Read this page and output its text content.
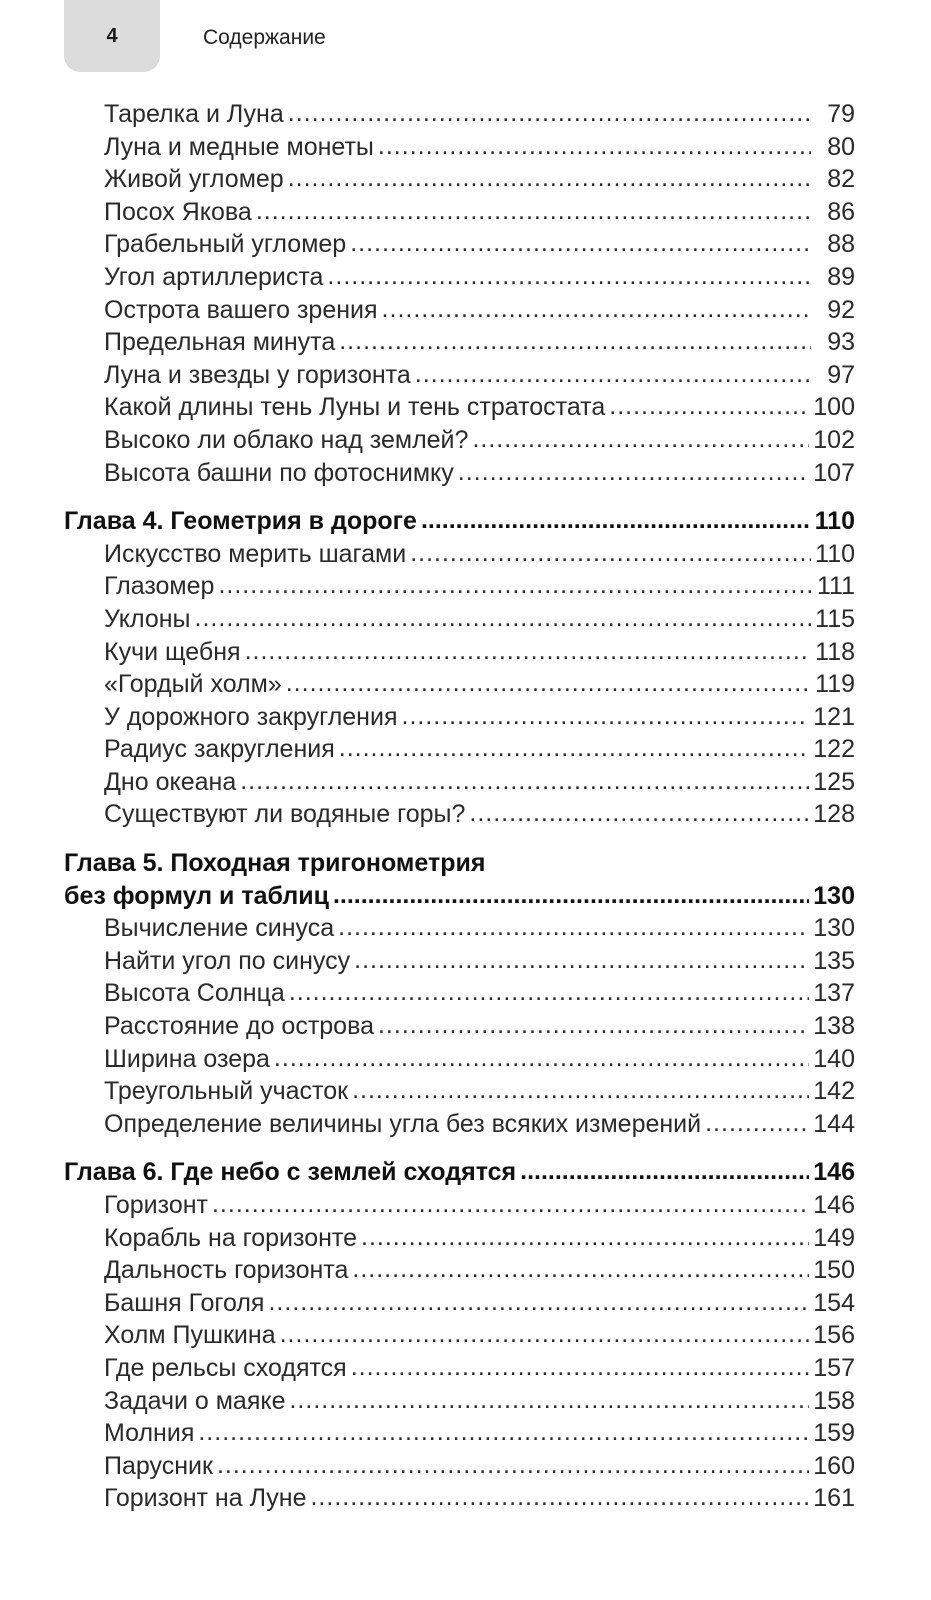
4	Содержание
Тарелка и Луна .....	79
Луна и медные монеты .....	80
Живой угломер .....	82
Посох Якова .....	86
Грабельный угломер .....	88
Угол артиллериста .....	89
Острота вашего зрения .....	92
Предельная минута .....	93
Луна и звезды у горизонта .....	97
Какой длины тень Луны и тень стратостата .....	100
Высоко ли облако над землей? .....	102
Высота башни по фотоснимку .....	107
Глава 4. Геометрия в дороге .....	110
Искусство мерить шагами .....	110
Глазомер .....	111
Уклоны .....	115
Кучи щебня .....	118
«Гордый холм» .....	119
У дорожного закругления .....	121
Радиус закругления .....	122
Дно океана .....	125
Существуют ли водяные горы? .....	128
Глава 5. Походная тригонометрия
без формул и таблиц .....	130
Вычисление синуса .....	130
Найти угол по синусу .....	135
Высота Солнца .....	137
Расстояние до острова .....	138
Ширина озера .....	140
Треугольный участок .....	142
Определение величины угла без всяких измерений .....	144
Глава 6. Где небо с землей сходятся .....	146
Горизонт .....	146
Корабль на горизонте .....	149
Дальность горизонта .....	150
Башня Гоголя .....	154
Холм Пушкина .....	156
Где рельсы сходятся .....	157
Задачи о маяке .....	158
Молния .....	159
Парусник .....	160
Горизонт на Луне .....	161
